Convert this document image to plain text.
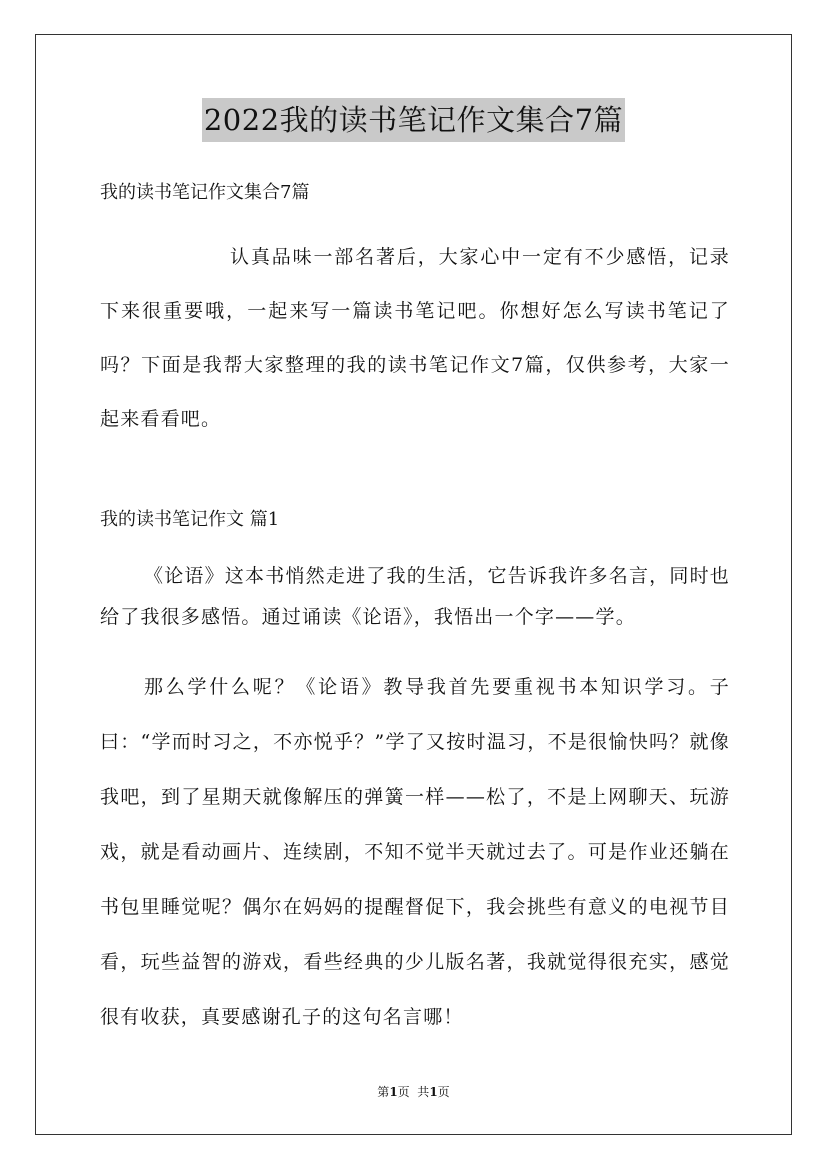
2022我的读书笔记作文集合7篇

我的读书笔记作文集合7篇

认真品味一部名著后，大家心中一定有不少感悟，记录下来很重要哦，一起来写一篇读书笔记吧。你想好怎么写读书笔记了吗？下面是我帮大家整理的我的读书笔记作文7篇，仅供参考，大家一起来看看吧。

我的读书笔记作文 篇1

《论语》这本书悄然走进了我的生活，它告诉我许多名言，同时也给了我很多感悟。通过诵读《论语》，我悟出一个字——学。

那么学什么呢？《论语》教导我首先要重视书本知识学习。子曰：“学而时习之，不亦悦乎？”学了又按时温习，不是很愉快吗？就像我吧，到了星期天就像解压的弹簧一样——松了，不是上网聊天、玩游戏，就是看动画片、连续剧，不知不觉半天就过去了。可是作业还躺在书包里睡觉呢？偶尔在妈妈的提醒督促下，我会挑些有意义的电视节目看，玩些益智的游戏，看些经典的少儿版名著，我就觉得很充实，感觉很有收获，真要感谢孔子的这句名言哪！

第1页  共1页
